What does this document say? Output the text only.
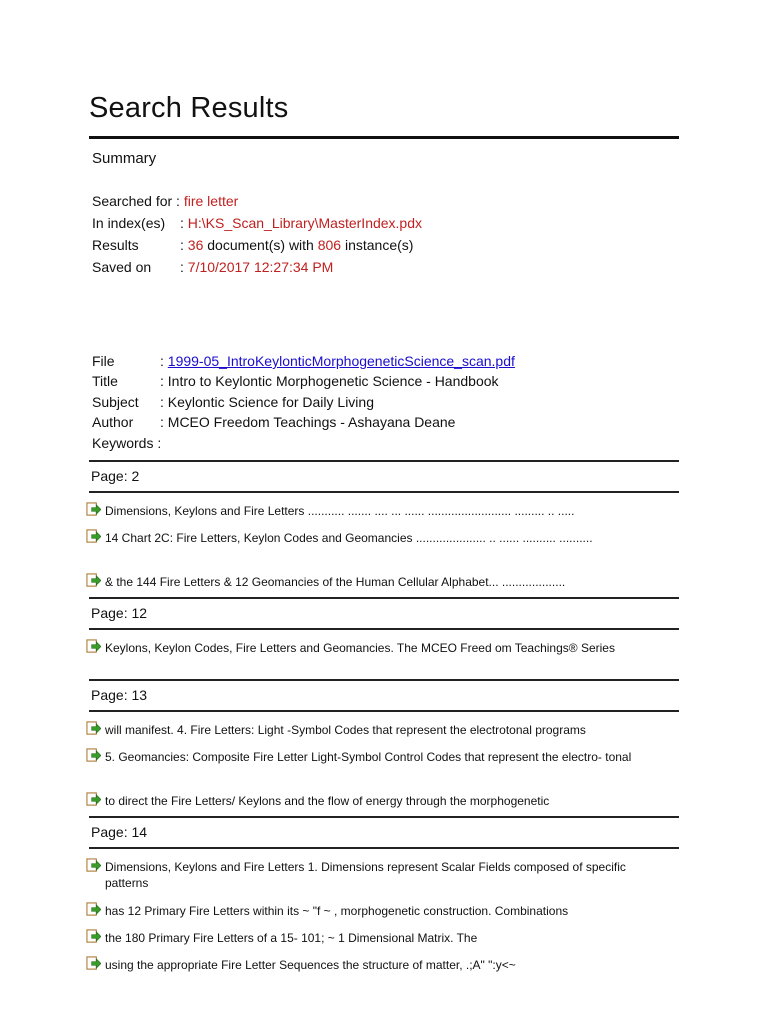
Search Results
Summary
Searched for : fire letter
In index(es) : H:\KS_Scan_Library\MasterIndex.pdx
Results	: 36 document(s) with 806 instance(s)
Saved on : 7/10/2017 12:27:34 PM
File	: 1999-05_IntroKeylonticMorphogeneticScience_scan.pdf
Title	: Intro to Keylontic Morphogenetic Science - Handbook
Subject : Keylontic Science for Daily Living
Author : MCEO Freedom Teachings - Ashayana Deane
Keywords :
Page: 2
Dimensions, Keylons and Fire Letters ........... ....... .... ... ...... ......................... ......... .. .....
14 Chart 2C: Fire Letters, Keylon Codes and Geomancies ..................... .. ...... .......... ..........
& the 144 Fire Letters & 12 Geomancies of the Human Cellular Alphabet... ...................
Page: 12
Keylons, Keylon Codes, Fire Letters and Geomancies. The MCEO Freed om Teachings® Series
Page: 13
will manifest. 4. Fire Letters: Light -Symbol Codes that represent the electrotonal programs
5. Geomancies: Composite Fire Letter Light-Symbol Control Codes that represent the electro- tonal
to direct the Fire Letters/ Keylons and the flow of energy through the morphogenetic
Page: 14
Dimensions, Keylons and Fire Letters 1. Dimensions represent Scalar Fields composed of specific patterns
has 12 Primary Fire Letters within its ~ "f ~ , morphogenetic construction. Combinations
the 180 Primary Fire Letters of a 15- 101; ~ 1 Dimensional Matrix. The
using the appropriate Fire Letter Sequences the structure of matter, .;A" ":y<~
